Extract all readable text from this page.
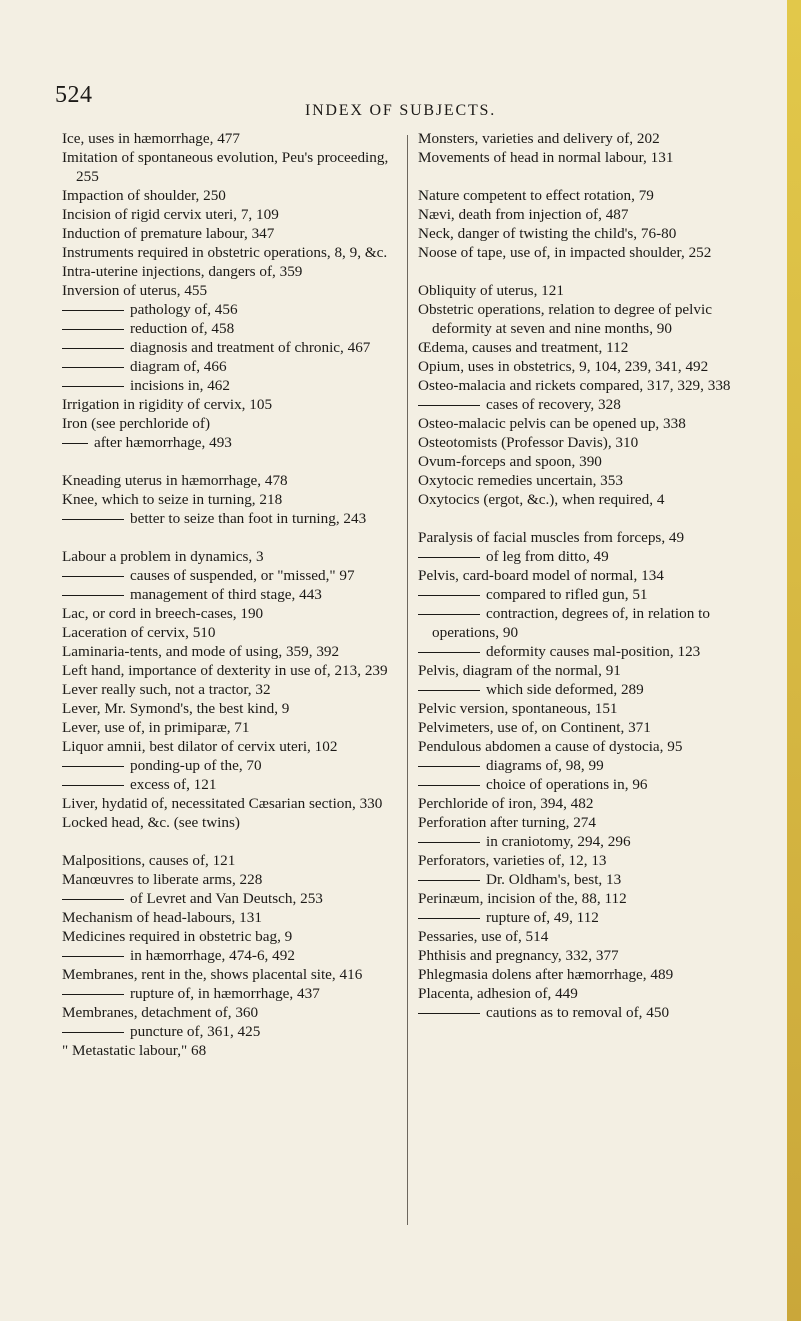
524
INDEX OF SUBJECTS.
Ice, uses in hæmorrhage, 477
Imitation of spontaneous evolution, Peu's proceeding, 255
Impaction of shoulder, 250
Incision of rigid cervix uteri, 7, 109
Induction of premature labour, 347
Instruments required in obstetric operations, 8, 9, &c.
Intra-uterine injections, dangers of, 359
Inversion of uterus, 455
pathology of, 456
reduction of, 458
diagnosis and treatment of chronic, 467
diagram of, 466
incisions in, 462
Irrigation in rigidity of cervix, 105
Iron (see perchloride of)
after hæmorrhage, 493
Kneading uterus in hæmorrhage, 478
Knee, which to seize in turning, 218
better to seize than foot in turning, 243
Labour a problem in dynamics, 3
causes of suspended, or "missed," 97
management of third stage, 443
Lac, or cord in breech-cases, 190
Laceration of cervix, 510
Laminaria-tents, and mode of using, 359, 392
Left hand, importance of dexterity in use of, 213, 239
Lever really such, not a tractor, 32
Lever, Mr. Symond's, the best kind, 9
Lever, use of, in primiparæ, 71
Liquor amnii, best dilator of cervix uteri, 102
ponding-up of the, 70
excess of, 121
Liver, hydatid of, necessitated Cæsarian section, 330
Locked head, &c. (see twins)
Malpositions, causes of, 121
Manœuvres to liberate arms, 228
of Levret and Van Deutsch, 253
Mechanism of head-labours, 131
Medicines required in obstetric bag, 9
in hæmorrhage, 474-6, 492
Membranes, rent in the, shows placental site, 416
rupture of, in hæmorrhage, 437
Membranes, detachment of, 360
puncture of, 361, 425
" Metastatic labour," 68
Monsters, varieties and delivery of, 202
Movements of head in normal labour, 131
Nature competent to effect rotation, 79
Nævi, death from injection of, 487
Neck, danger of twisting the child's, 76-80
Noose of tape, use of, in impacted shoulder, 252
Obliquity of uterus, 121
Obstetric operations, relation to degree of pelvic deformity at seven and nine months, 90
Œdema, causes and treatment, 112
Opium, uses in obstetrics, 9, 104, 239, 341, 492
Osteo-malacia and rickets compared, 317, 329, 338
cases of recovery, 328
Osteo-malacic pelvis can be opened up, 338
Osteotomists (Professor Davis), 310
Ovum-forceps and spoon, 390
Oxytocic remedies uncertain, 353
Oxytocics (ergot, &c.), when required, 4
Paralysis of facial muscles from forceps, 49
of leg from ditto, 49
Pelvis, card-board model of normal, 134
compared to rifled gun, 51
contraction, degrees of, in relation to operations, 90
deformity causes mal-position, 123
Pelvis, diagram of the normal, 91
which side deformed, 289
Pelvic version, spontaneous, 151
Pelvimeters, use of, on Continent, 371
Pendulous abdomen a cause of dystocia, 95
diagrams of, 98, 99
choice of operations in, 96
Perchloride of iron, 394, 482
Perforation after turning, 274
in craniotomy, 294, 296
Perforators, varieties of, 12, 13
Dr. Oldham's, best, 13
Perinæum, incision of the, 88, 112
rupture of, 49, 112
Pessaries, use of, 514
Phthisis and pregnancy, 332, 377
Phlegmasia dolens after hæmorrhage, 489
Placenta, adhesion of, 449
cautions as to removal of, 450
